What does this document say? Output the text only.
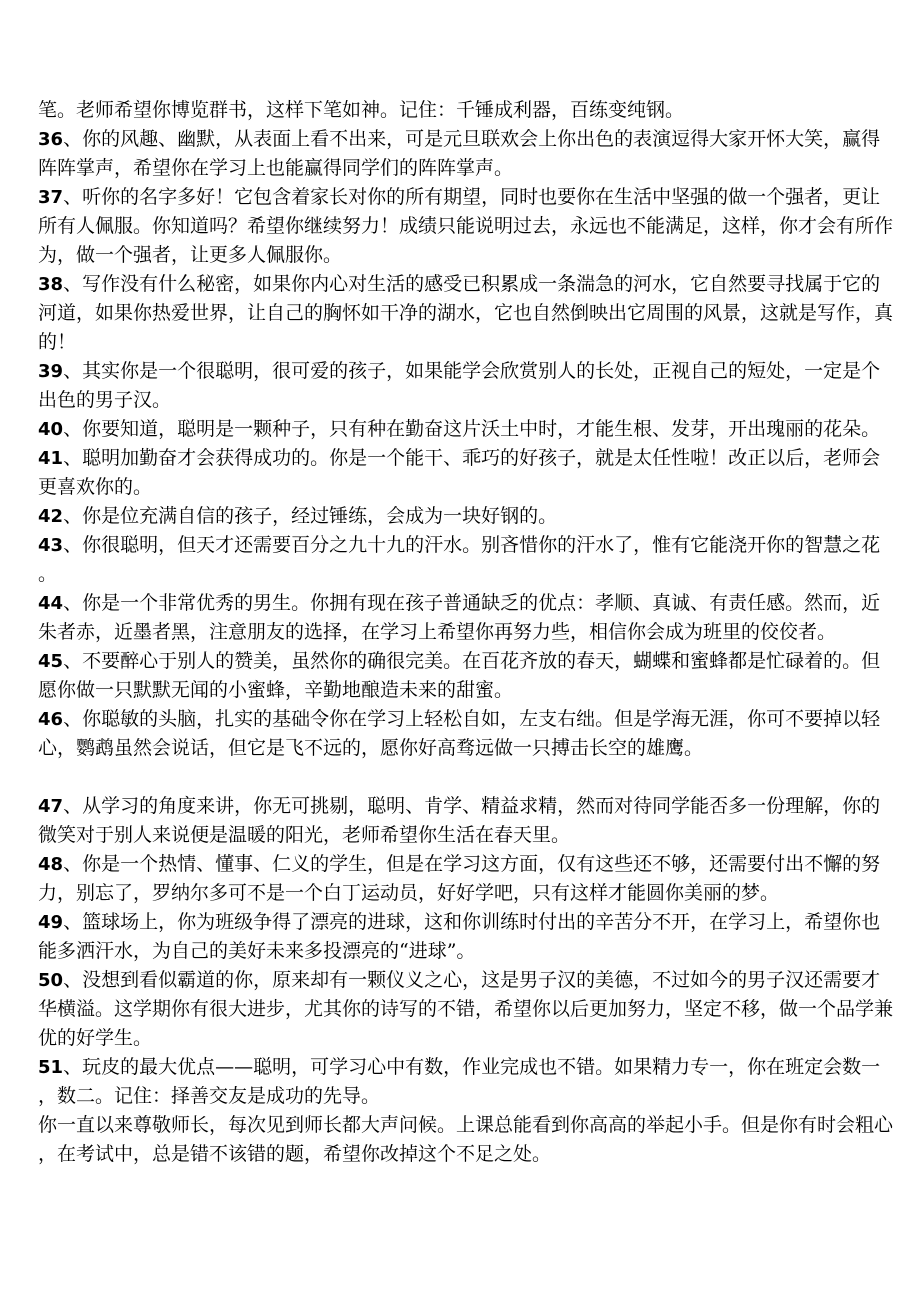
笔。老师希望你博览群书，这样下笔如神。记住：千锤成利器，百练变纯钢。

36、你的风趣、幽默，从表面上看不出来，可是元旦联欢会上你出色的表演逗得大家开怀大笑，赢得阵阵掌声，希望你在学习上也能赢得同学们的阵阵掌声。

37、听你的名字多好！它包含着家长对你的所有期望，同时也要你在生活中坚强的做一个强者，更让所有人佩服。你知道吗？希望你继续努力！成绩只能说明过去，永远也不能满足，这样，你才会有所作为，做一个强者，让更多人佩服你。

38、写作没有什么秘密，如果你内心对生活的感受已积累成一条湍急的河水，它自然要寻找属于它的河道，如果你热爱世界，让自己的胸怀如干净的湖水，它也自然倒映出它周围的风景，这就是写作，真的！

39、其实你是一个很聪明，很可爱的孩子，如果能学会欣赏别人的长处，正视自己的短处，一定是个出色的男子汉。

40、你要知道，聪明是一颗种子，只有种在勤奋这片沃土中时，才能生根、发芽，开出瑰丽的花朵。

41、聪明加勤奋才会获得成功的。你是一个能干、乖巧的好孩子，就是太任性啦！改正以后，老师会更喜欢你的。

42、你是位充满自信的孩子，经过锤练，会成为一块好钢的。

43、你很聪明，但天才还需要百分之九十九的汗水。别吝惜你的汗水了，惟有它能浇开你的智慧之花。

44、你是一个非常优秀的男生。你拥有现在孩子普通缺乏的优点：孝顺、真诚、有责任感。然而，近朱者赤，近墨者黑，注意朋友的选择，在学习上希望你再努力些，相信你会成为班里的佼佼者。

45、不要醉心于别人的赞美，虽然你的确很完美。在百花齐放的春天，蝴蝶和蜜蜂都是忙碌着的。但愿你做一只默默无闻的小蜜蜂，辛勤地酿造未来的甜蜜。

46、你聪敏的头脑，扎实的基础令你在学习上轻松自如，左支右绌。但是学海无涯，你可不要掉以轻心，鹦鹉虽然会说话，但它是飞不远的，愿你好高骛远做一只搏击长空的雄鹰。

47、从学习的角度来讲，你无可挑剔，聪明、肯学、精益求精，然而对待同学能否多一份理解，你的微笑对于别人来说便是温暖的阳光，老师希望你生活在春天里。

48、你是一个热情、懂事、仁义的学生，但是在学习这方面，仅有这些还不够，还需要付出不懈的努力，别忘了，罗纳尔多可不是一个白丁运动员，好好学吧，只有这样才能圆你美丽的梦。

49、篮球场上，你为班级争得了漂亮的进球，这和你训练时付出的辛苦分不开，在学习上，希望你也能多洒汗水，为自己的美好未来多投漂亮的“进球”。

50、没想到看似霸道的你，原来却有一颗仪义之心，这是男子汉的美德，不过如今的男子汉还需要才华横溢。这学期你有很大进步，尤其你的诗写的不错，希望你以后更加努力，坚定不移，做一个品学兼优的好学生。

51、玩皮的最大优点——聪明，可学习心中有数，作业完成也不错。如果精力专一，你在班定会数一，数二。记住：择善交友是成功的先导。

你一直以来尊敬师长，每次见到师长都大声问候。上课总能看到你高高的举起小手。但是你有时会粗心，在考试中，总是错不该错的题，希望你改掉这个不足之处。
